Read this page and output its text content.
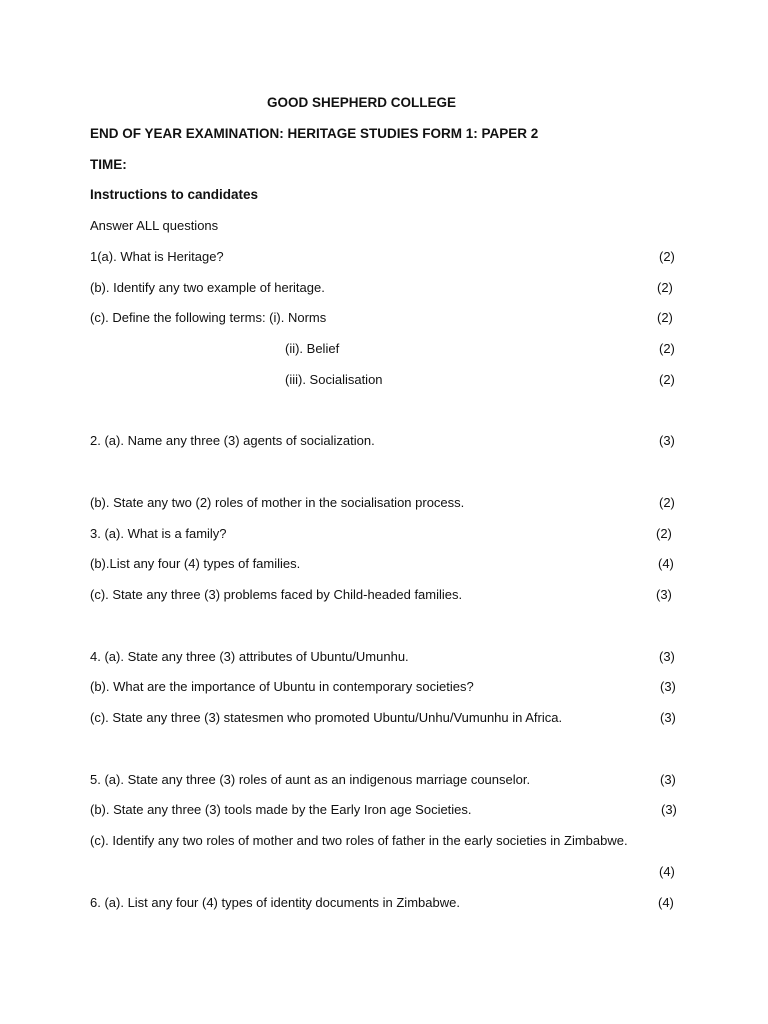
GOOD SHEPHERD COLLEGE
END OF YEAR EXAMINATION: HERITAGE STUDIES FORM 1: PAPER 2
TIME:
Instructions to candidates
Answer ALL questions
1(a). What is Heritage?	(2)
(b). Identify any two example of heritage.	(2)
(c). Define the following terms: (i). Norms	(2)
(ii). Belief	(2)
(iii). Socialisation	(2)
2. (a). Name any three (3) agents of socialization.	(3)
(b). State any two (2) roles of mother in the socialisation process.	(2)
3. (a). What is a family?	(2)
(b).List any four (4) types of families.	(4)
(c). State any three (3) problems faced by Child-headed families.	(3)
4. (a). State any three (3) attributes of Ubuntu/Umunhu.	(3)
(b). What are the importance of Ubuntu in contemporary societies?	(3)
(c). State any three (3) statesmen who promoted Ubuntu/Unhu/Vumunhu in Africa.	(3)
5. (a). State any three (3) roles of aunt as an indigenous marriage counselor.	(3)
(b). State any three (3) tools made by the Early Iron age Societies.	(3)
(c). Identify any two roles of mother and two roles of father in the early societies in Zimbabwe.
(4)
6. (a). List any four (4) types of identity documents in Zimbabwe.	(4)
